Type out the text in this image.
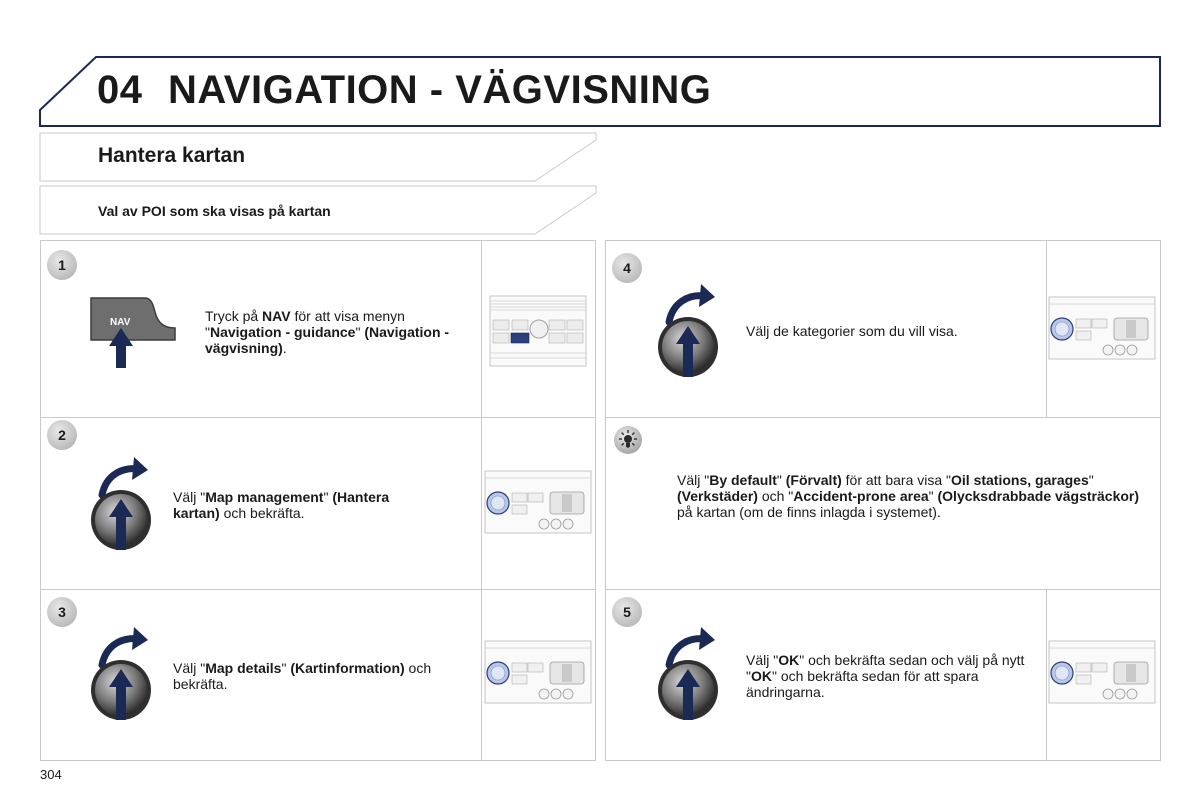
04 NAVIGATION - VÄGVISNING
Hantera kartan
Val av POI som ska visas på kartan
1
NAV	Tryck på NAV för att visa menyn "Navigation - guidance" (Navigation - vägvisning).
2
Välj "Map management" (Hantera kartan) och bekräfta.
3
Välj "Map details" (Kartinformation) och bekräfta.
4
Välj de kategorier som du vill visa.
Välj "By default" (Förvalt) för att bara visa "Oil stations, garages" (Verkstäder) och "Accident-prone area" (Olycksdrabbade vägsträckor) på kartan (om de finns inlagda i systemet).
5
Välj "OK" och bekräfta sedan och välj på nytt "OK" och bekräfta sedan för att spara ändringarna.
304
